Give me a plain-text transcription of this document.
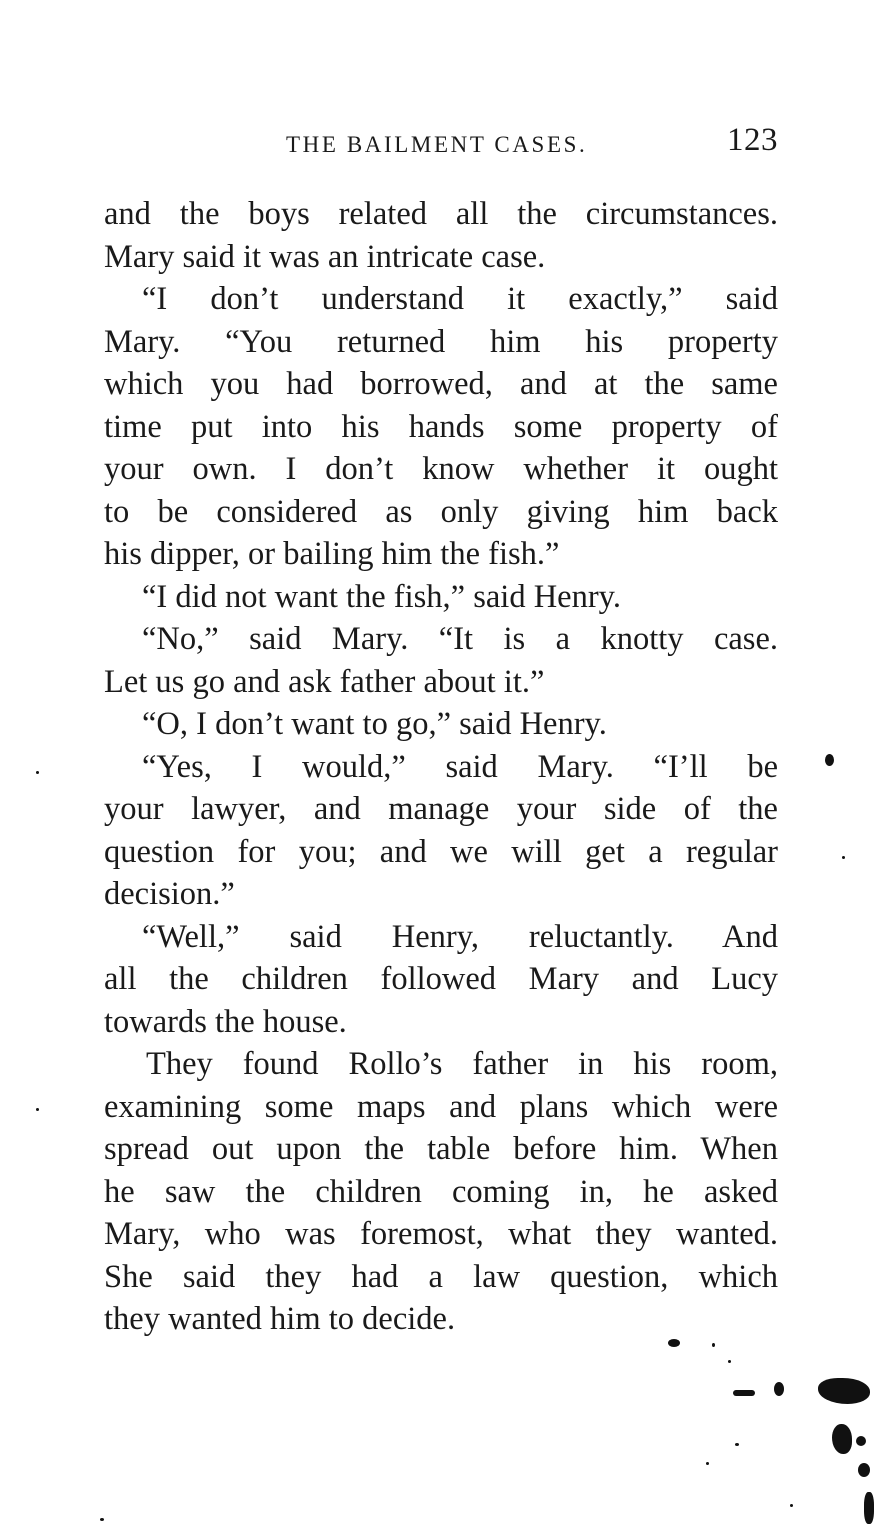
THE BAILMENT CASES.	123
and the boys related all the circumstances.
Mary said it was an intricate case.
“I don’t understand it exactly,” said
Mary. “You returned him his property
which you had borrowed, and at the same
time put into his hands some property of
your own. I don’t know whether it ought
to be considered as only giving him back
his dipper, or bailing him the fish.”
“I did not want the fish,” said Henry.
“No,” said Mary. “It is a knotty case.
Let us go and ask father about it.”
“O, I don’t want to go,” said Henry.
“Yes, I would,” said Mary. “I’ll be
your lawyer, and manage your side of the
question for you; and we will get a regular
decision.”
“Well,” said Henry, reluctantly. And
all the children followed Mary and Lucy
towards the house.
They found Rollo’s father in his room,
examining some maps and plans which were
spread out upon the table before him. When
he saw the children coming in, he asked
Mary, who was foremost, what they wanted.
She said they had a law question, which
they wanted him to decide.
